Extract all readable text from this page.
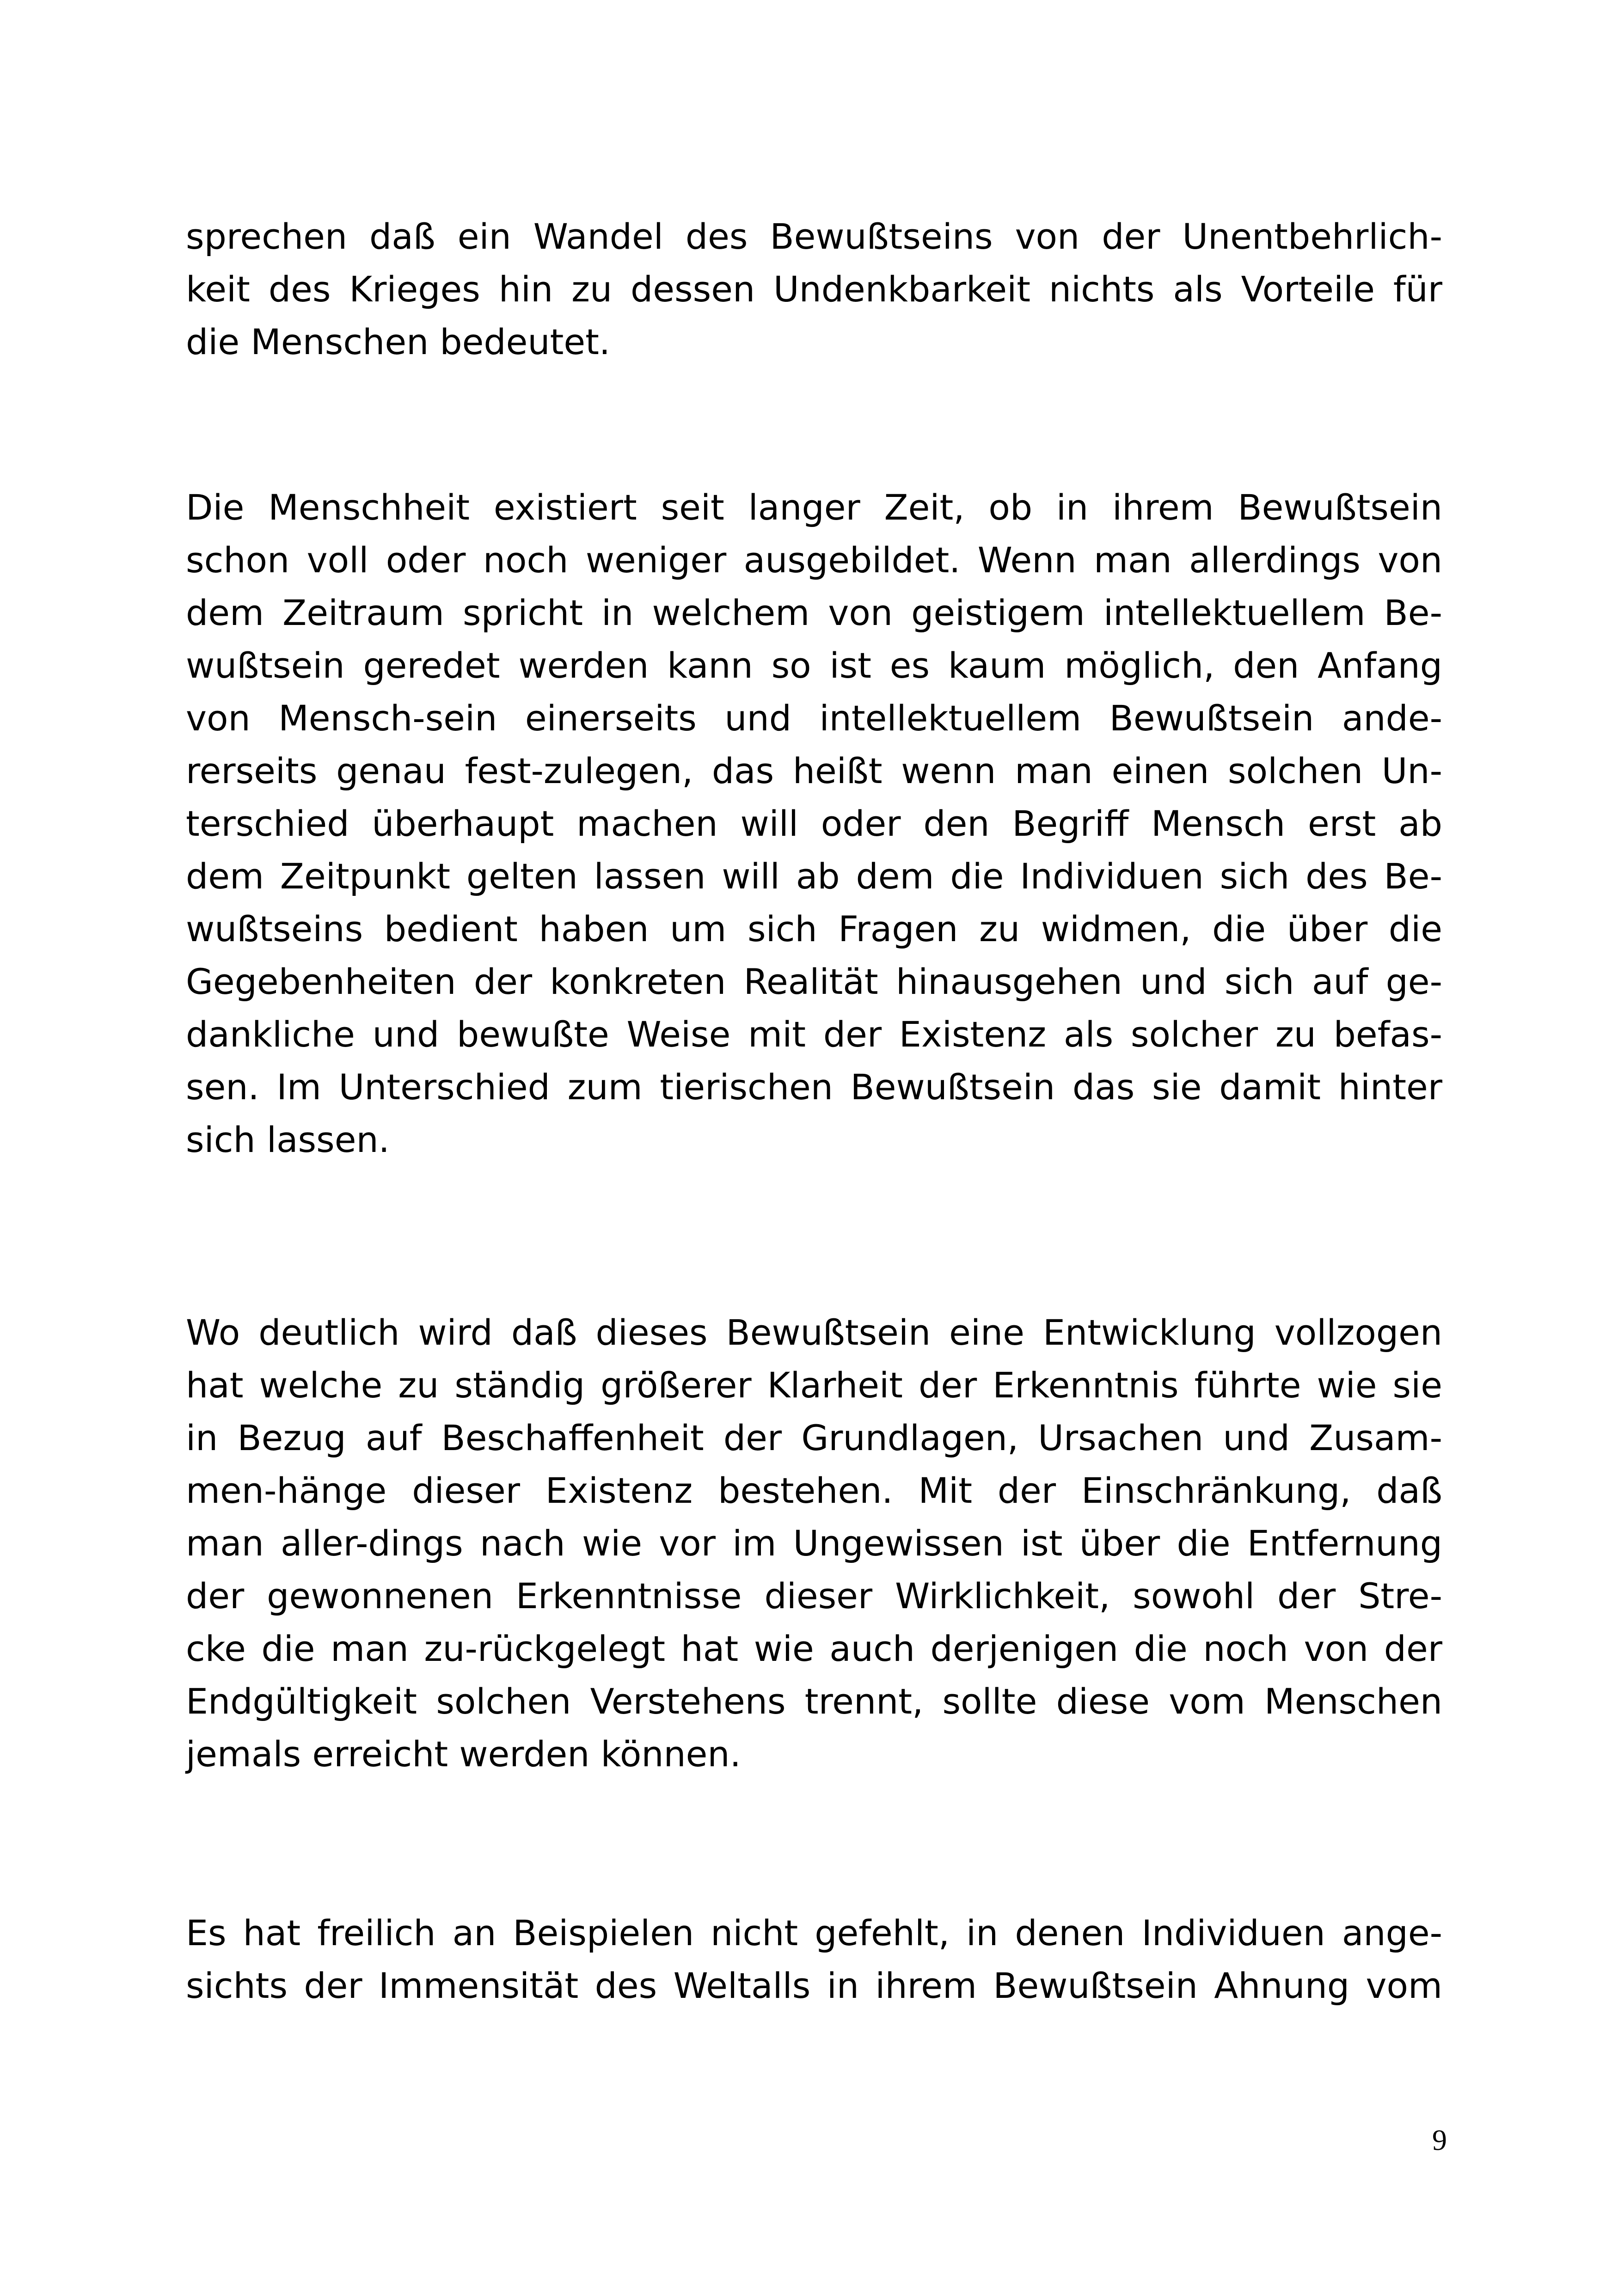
sprechen daß ein Wandel des Bewußtseins von der Unentbehrlich-
keit des Krieges hin zu dessen Undenkbarkeit nichts als Vorteile für
die Menschen bedeutet.
Die Menschheit existiert seit langer Zeit, ob in ihrem Bewußtsein
schon voll oder noch weniger ausgebildet. Wenn man allerdings von
dem Zeitraum spricht in welchem von geistigem intellektuellem Be-
wußtsein geredet werden kann so ist es kaum möglich, den Anfang
von Mensch-sein einerseits und intellektuellem Bewußtsein ande-
rerseits genau fest-zulegen, das heißt wenn man einen solchen Un-
terschied überhaupt machen will oder den Begriff Mensch erst ab
dem Zeitpunkt gelten lassen will ab dem die Individuen sich des Be-
wußtseins bedient haben um sich Fragen zu widmen, die über die
Gegebenheiten der konkreten Realität hinausgehen und sich auf ge-
dankliche und bewußte Weise mit der Existenz als solcher zu befas-
sen. Im Unterschied zum tierischen Bewußtsein das sie damit hinter
sich lassen.
Wo deutlich wird daß dieses Bewußtsein eine Entwicklung vollzogen
hat welche zu ständig größerer Klarheit der Erkenntnis führte wie sie
in Bezug auf Beschaffenheit der Grundlagen, Ursachen und Zusam-
men-hänge dieser Existenz bestehen. Mit der Einschränkung, daß
man aller-dings nach wie vor im Ungewissen ist über die Entfernung
der gewonnenen Erkenntnisse dieser Wirklichkeit, sowohl der Stre-
cke die man zu-rückgelegt hat wie auch derjenigen die noch von der
Endgültigkeit solchen Verstehens trennt, sollte diese vom Menschen
jemals erreicht werden können.
Es hat freilich an Beispielen nicht gefehlt, in denen Individuen ange-
sichts der Immensität des Weltalls in ihrem Bewußtsein Ahnung vom
9
